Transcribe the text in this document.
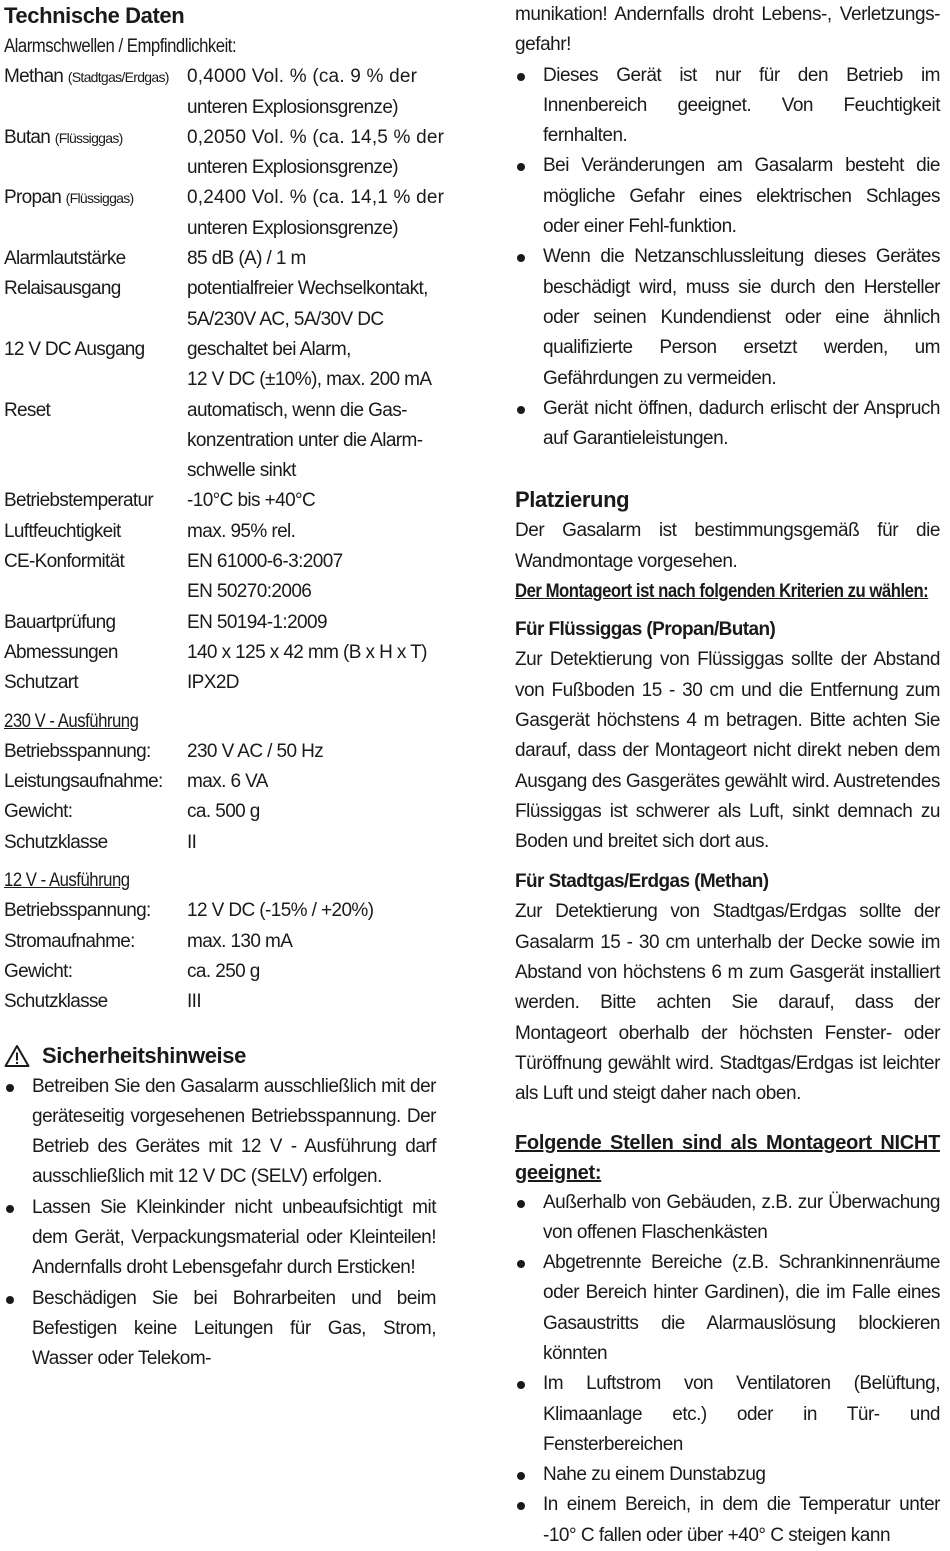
Technische Daten
Alarmschwellen / Empfindlichkeit:
Methan (Stadtgas/Erdgas) 0,4000 Vol. % (ca. 9 % der
unteren Explosionsgrenze)
Butan (Flüssiggas)	0,2050 Vol. % (ca. 14,5 % der
unteren Explosionsgrenze)
Propan (Flüssiggas)	0,2400 Vol. % (ca. 14,1 % der
unteren Explosionsgrenze)
Alarmlautstärke	85 dB (A) / 1 m
Relaisausgang	potentialfreier Wechselkontakt,
5A/230V AC, 5A/30V DC
12 V DC Ausgang	geschaltet bei Alarm,
12 V DC (±10%), max. 200 mA
Reset	automatisch, wenn die Gas-
konzentration unter die Alarm-
schwelle sinkt
Betriebstemperatur	-10°C bis +40°C
Luftfeuchtigkeit	max. 95% rel.
CE-Konformität	EN 61000-6-3:2007
EN 50270:2006
Bauartprüfung	EN 50194-1:2009
Abmessungen	140 x 125 x 42 mm (B x H x T)
Schutzart	IPX2D
230 V - Ausführung
Betriebsspannung:	230 V AC / 50 Hz
Leistungsaufnahme:	max. 6 VA
Gewicht:	ca. 500 g
Schutzklasse	II
12 V - Ausführung
Betriebsspannung:	12 V DC (-15% / +20%)
Stromaufnahme:	max. 130 mA
Gewicht:	ca. 250 g
Schutzklasse	III
Sicherheitshinweise
Betreiben Sie den Gasalarm ausschließlich mit der geräteseitig vorgesehenen Betriebsspannung. Der Betrieb des Gerätes mit 12 V - Ausführung darf ausschließlich mit 12 V DC (SELV) erfolgen.
Lassen Sie Kleinkinder nicht unbeaufsichtigt mit dem Gerät, Verpackungsmaterial oder Kleinteilen! Andernfalls droht Lebensgefahr durch Ersticken!
Beschädigen Sie bei Bohrarbeiten und beim Befestigen keine Leitungen für Gas, Strom, Wasser oder Telekom-
munikation! Andernfalls droht Lebens-, Verletzungs-gefahr!
Dieses Gerät ist nur für den Betrieb im Innenbereich geeignet. Von Feuchtigkeit fernhalten.
Bei Veränderungen am Gasalarm besteht die mögliche Gefahr eines elektrischen Schlages oder einer Fehl-funktion.
Wenn die Netzanschlussleitung dieses Gerätes beschädigt wird, muss sie durch den Hersteller oder seinen Kundendienst oder eine ähnlich qualifizierte Person ersetzt werden, um Gefährdungen zu vermeiden.
Gerät nicht öffnen, dadurch erlischt der Anspruch auf Garantieleistungen.
Platzierung
Der Gasalarm ist bestimmungsgemäß für die Wandmontage vorgesehen.
Der Montageort ist nach folgenden Kriterien zu wählen:
Für Flüssiggas (Propan/Butan)
Zur Detektierung von Flüssiggas sollte der Abstand von Fußboden 15 - 30 cm und die Entfernung zum Gasgerät höchstens 4 m betragen. Bitte achten Sie darauf, dass der Montageort nicht direkt neben dem Ausgang des Gasgerätes gewählt wird. Austretendes Flüssiggas ist schwerer als Luft, sinkt demnach zu Boden und breitet sich dort aus.
Für Stadtgas/Erdgas (Methan)
Zur Detektierung von Stadtgas/Erdgas sollte der Gasalarm 15 - 30 cm unterhalb der Decke sowie im Abstand von höchstens 6 m zum Gasgerät installiert werden. Bitte achten Sie darauf, dass der Montageort oberhalb der höchsten Fenster- oder Türöffnung gewählt wird. Stadtgas/Erdgas ist leichter als Luft und steigt daher nach oben.
Folgende Stellen sind als Montageort NICHT geeignet:
Außerhalb von Gebäuden, z.B. zur Überwachung von offenen Flaschenkästen
Abgetrennte Bereiche (z.B. Schrankinnenräume oder Bereich hinter Gardinen), die im Falle eines Gasaustritts die Alarmauslösung blockieren könnten
Im Luftstrom von Ventilatoren (Belüftung, Klimaanlage etc.) oder in Tür- und Fensterbereichen
Nahe zu einem Dunstabzug
In einem Bereich, in dem die Temperatur unter -10° C fallen oder über +40° C steigen kann
